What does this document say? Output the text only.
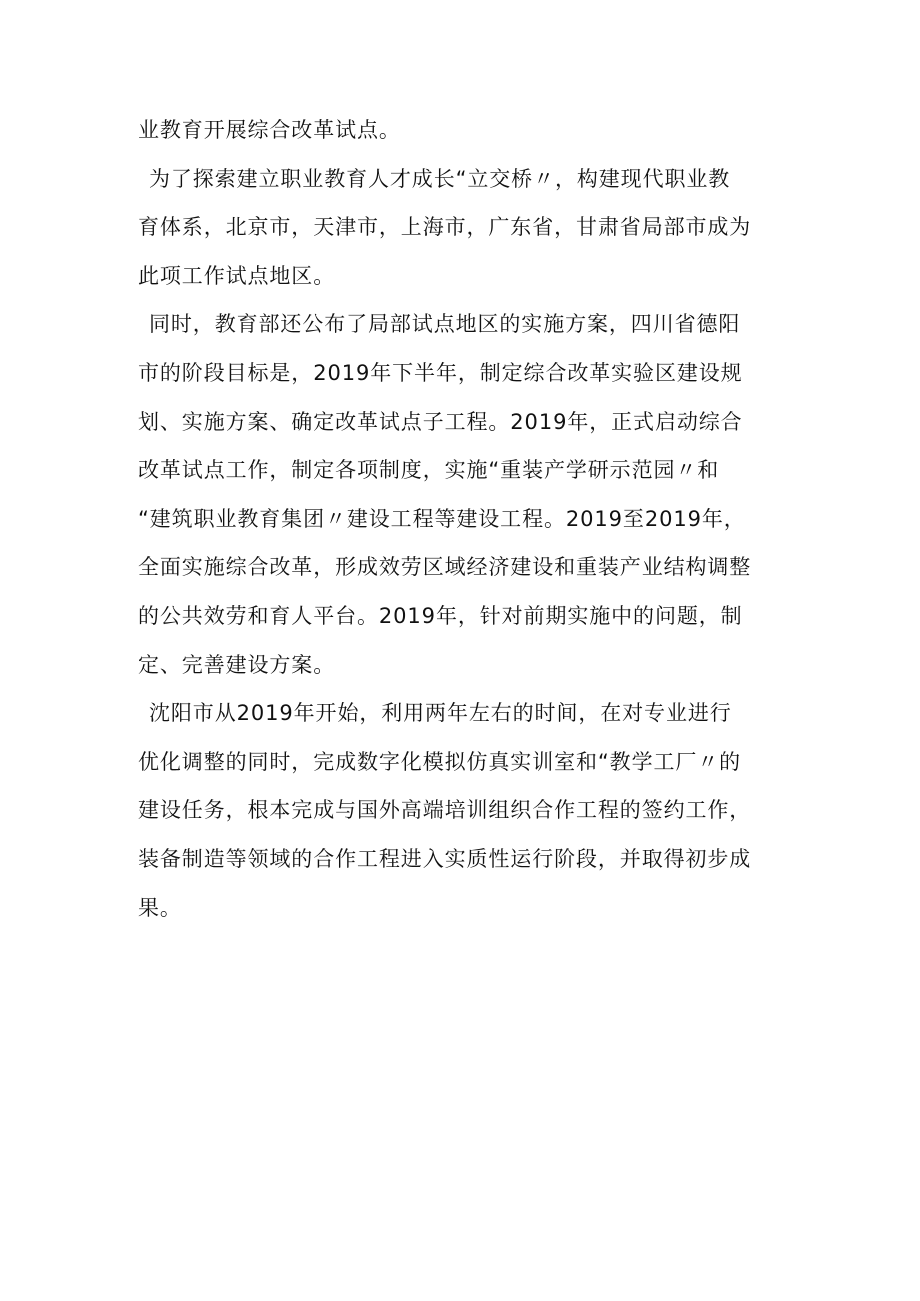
业教育开展综合改革试点。
为了探索建立职业教育人才成长“立交桥〃，构建现代职业教
育体系，北京市，天津市，上海市，广东省，甘肃省局部市成为
此项工作试点地区。
同时，教育部还公布了局部试点地区的实施方案，四川省德阳
市的阶段目标是，2019年下半年，制定综合改革实验区建设规
划、实施方案、确定改革试点子工程。2019年，正式启动综合
改革试点工作，制定各项制度，实施“重装产学研示范园〃和
“建筑职业教育集团〃建设工程等建设工程。2019至2019年，
全面实施综合改革，形成效劳区域经济建设和重装产业结构调整
的公共效劳和育人平台。2019年，针对前期实施中的问题，制
定、完善建设方案。
沈阳市从2019年开始，利用两年左右的时间，在对专业进行
优化调整的同时，完成数字化模拟仿真实训室和“教学工厂〃的
建设任务，根本完成与国外高端培训组织合作工程的签约工作，
装备制造等领域的合作工程进入实质性运行阶段，并取得初步成
果。
